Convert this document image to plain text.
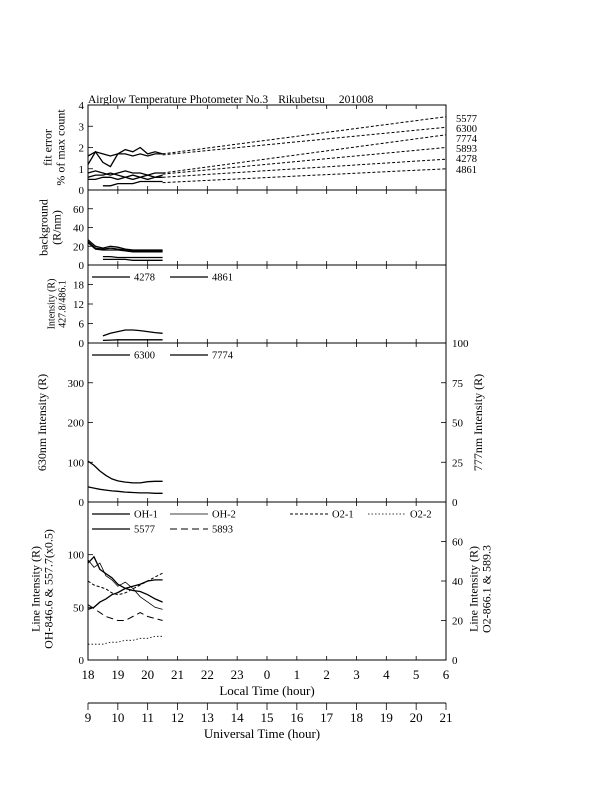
Airglow Temperature Photometer No.3 Rikubetsu 201008
0
1
2
3
4
fit error% of max count	5577
6300
7774
5893
4278
4861
0
20
40
60
background(R/nm)
0
6
12
18
Intensity (R)427.8/486.1
4278	4861
0
100
200
300
0
25
50
75
100
630nm Intensity (R)	777nm Intensity (R)
6300	7774
0
50
100
0
20
40
60
Line Intensity (R)OH-846.6 & 557.7(x0.5)	Line Intensity (R)O2-866.1 & 589.3
OH-1	OH-2	O2-1	O2-2
5577	5893
18 19 20 21 22 23 0 1 2 3 4 5 6
Local Time (hour)
9 10 11 12 13 14 15 16 17 18 19 20 21
Universal Time (hour)
